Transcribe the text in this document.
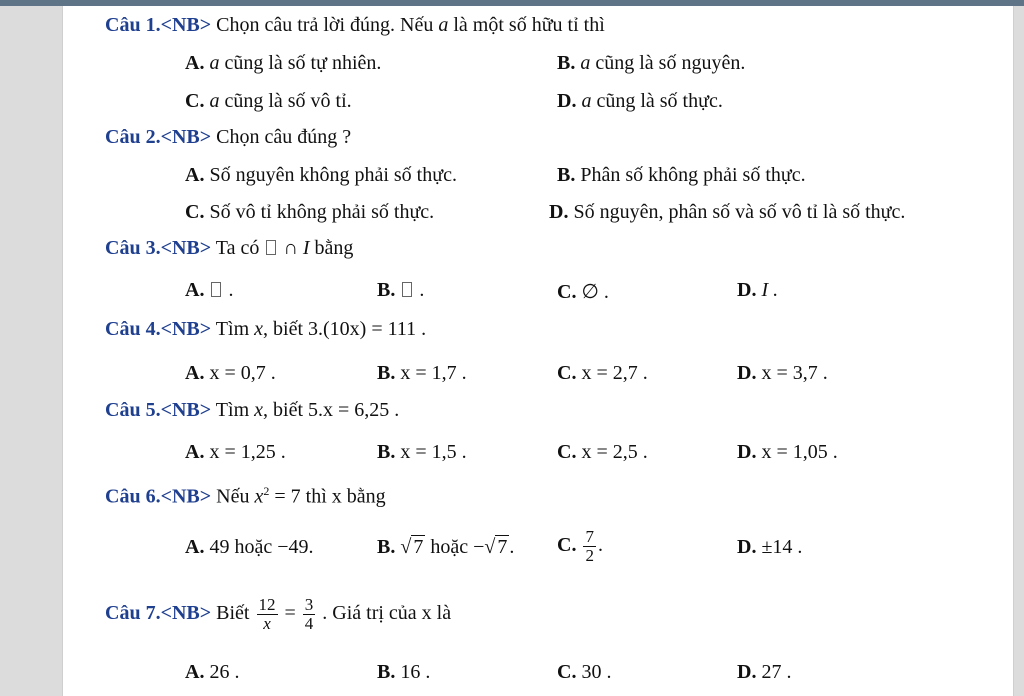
Câu 1.<NB> Chọn câu trả lời đúng. Nếu a là một số hữu tỉ thì
A. a cũng là số tự nhiên.	B. a cũng là số nguyên.
C. a cũng là số vô tỉ.	D. a cũng là số thực.
Câu 2.<NB> Chọn câu đúng ?
A. Số nguyên không phải số thực.	B. Phân số không phải số thực.
C. Số vô tỉ không phải số thực.	D. Số nguyên, phân số và số vô tỉ là số thực.
Câu 3.<NB> Ta có ∩ I bằng
A. .	B. .	C. ∅ .	D. I .
Câu 4.<NB> Tìm x, biết 3.(10x) = 111 .
A. x = 0,7 .	B. x = 1,7 .	C. x = 2,7 .	D. x = 3,7 .
Câu 5.<NB> Tìm x, biết 5.x = 6,25 .
A. x = 1,25 .	B. x = 1,5 .	C. x = 2,5 .	D. x = 1,05 .
Câu 6.<NB> Nếu $x^2 = 7$ thì x bằng
A. 49 hoặc −49.	B. √ 7 hoặc −√ 7 . C. $\frac{7}{2}$ .	D. ±14 .
Câu 7.<NB> Biết $\frac{12}{x} = \frac{3}{4}$ . Giá trị của x là
A. 26 .	B. 16 .	C. 30 .	D. 27 .
